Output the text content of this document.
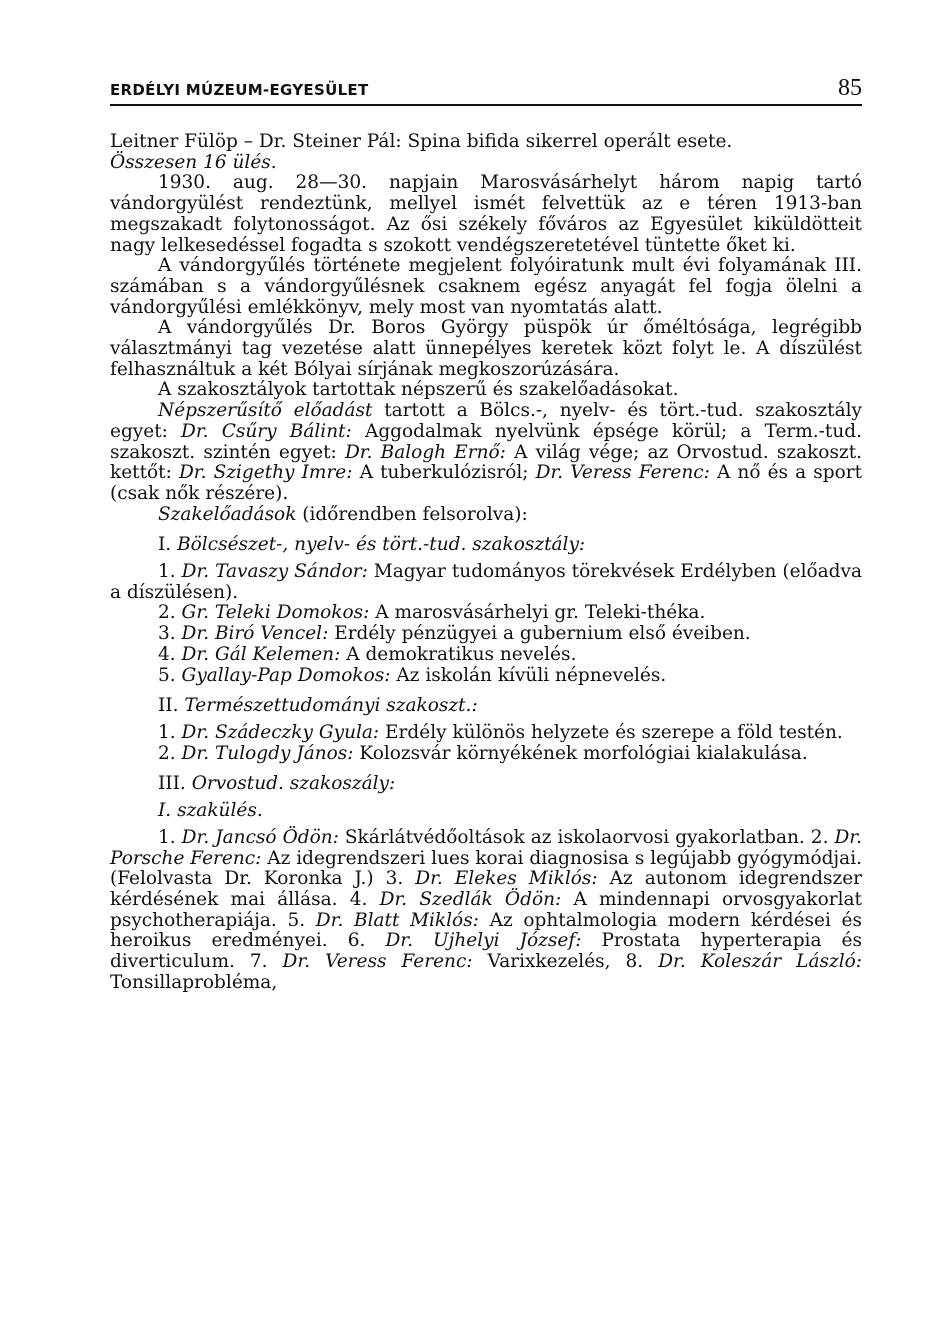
ERDÉLYI MÚZEUM-EGYESÜLET	85

Leitner Fülöp – Dr. Steiner Pál: Spina bifida sikerrel operált esete.

Összesen 16 ülés.

1930. aug. 28—30. napjain Marosvásárhelyt három napig tartó vándorgyülést rendeztünk, mellyel ismét felvettük az e téren 1913-ban megszakadt folytonosságot. Az ősi székely főváros az Egyesület kiküldötteit nagy lelkesedéssel fogadta s szokott vendégszeretetével tüntette őket ki.

A vándorgyűlés története megjelent folyóiratunk mult évi folyamának III. számában s a vándorgyűlésnek csaknem egész anyagát fel fogja ölelni a vándorgyűlési emlékkönyv, mely most van nyomtatás alatt.

A vándorgyűlés Dr. Boros György püspök úr őméltósága, legrégibb választmányi tag vezetése alatt ünnepélyes keretek közt folyt le. A díszülést felhasználtuk a két Bólyai sírjának megkoszorúzására.

A szakosztályok tartottak népszerű és szakelőadásokat.

Népszerűsítő előadást tartott a Bölcs.-, nyelv- és tört.-tud. szakosztály egyet: Dr. Csűry Bálint: Aggodalmak nyelvünk épsége körül; a Term.-tud. szakoszt. szintén egyet: Dr. Balogh Ernő: A világ vége; az Orvostud. szakoszt. kettőt: Dr. Szigethy Imre: A tuberkulózisról; Dr. Veress Ferenc: A nő és a sport (csak nők részére).

Szakelőadások (időrendben felsorolva):

I. Bölcsészet-, nyelv- és tört.-tud. szakosztály:

1. Dr. Tavaszy Sándor: Magyar tudományos törekvések Erdélyben (előadva a díszülésen).

2. Gr. Teleki Domokos: A marosvásárhelyi gr. Teleki-théka.

3. Dr. Biró Vencel: Erdély pénzügyei a gubernium első éveiben.

4. Dr. Gál Kelemen: A demokratikus nevelés.

5. Gyallay-Pap Domokos: Az iskolán kívüli népnevelés.

II. Természettudományi szakoszt.:

1. Dr. Szádeczky Gyula: Erdély különös helyzete és szerepe a föld testén.

2. Dr. Tulogdy János: Kolozsvár környékének morfológiai kialakulása.

III. Orvostud. szakoszály:

I. szakülés.

1. Dr. Jancsó Ödön: Skárlátvédőoltások az iskolaorvosi gyakorlatban. 2. Dr. Porsche Ferenc: Az idegrendszeri lues korai diagnosisa s legújabb gyógymódjai. (Felolvasta Dr. Koronka J.) 3. Dr. Elekes Miklós: Az autonom idegrendszer kérdésének mai állása. 4. Dr. Szedlák Ödön: A mindennapi orvosgyakorlat psychotherapiája. 5. Dr. Blatt Miklós: Az ophtalmologia modern kérdései és heroikus eredményei. 6. Dr. Ujhelyi József: Prostata hyperterapia és diverticulum. 7. Dr. Veress Ferenc: Varixkezelés, 8. Dr. Koleszár László: Tonsillaprobléma,
